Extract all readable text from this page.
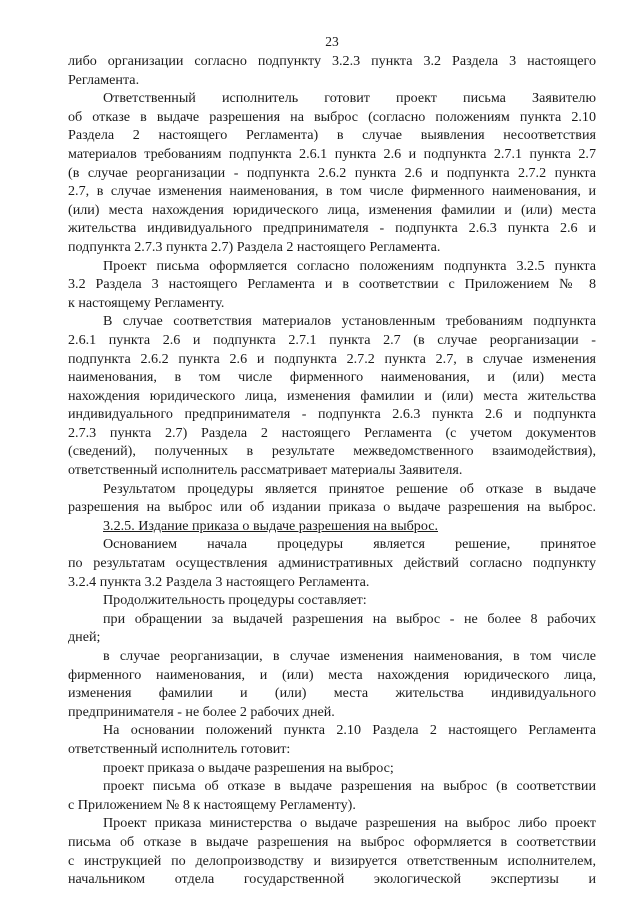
23
либо организации согласно подпункту 3.2.3 пункта 3.2 Раздела 3 настоящего
Регламента.
Ответственный исполнитель готовит проект письма Заявителю
об отказе в выдаче разрешения на выброс (согласно положениям пункта 2.10
Раздела 2 настоящего Регламента) в случае выявления несоответствия
материалов требованиям подпункта 2.6.1 пункта 2.6 и подпункта 2.7.1 пункта 2.7
(в случае реорганизации - подпункта 2.6.2 пункта 2.6 и подпункта 2.7.2 пункта
2.7, в случае изменения наименования, в том числе фирменного наименования, и
(или) места нахождения юридического лица, изменения фамилии и (или) места
жительства индивидуального предпринимателя - подпункта 2.6.3 пункта 2.6 и
подпункта 2.7.3 пункта 2.7) Раздела 2 настоящего Регламента.
Проект письма оформляется согласно положениям подпункта 3.2.5 пункта
3.2 Раздела 3 настоящего Регламента и в соответствии с Приложением № 8
к настоящему Регламенту.
В случае соответствия материалов установленным требованиям подпункта
2.6.1 пункта 2.6 и подпункта 2.7.1 пункта 2.7 (в случае реорганизации -
подпункта 2.6.2 пункта 2.6 и подпункта 2.7.2 пункта 2.7, в случае изменения
наименования, в том числе фирменного наименования, и (или) места
нахождения юридического лица, изменения фамилии и (или) места жительства
индивидуального предпринимателя - подпункта 2.6.3 пункта 2.6 и подпункта
2.7.3 пункта 2.7) Раздела 2 настоящего Регламента (с учетом документов
(сведений), полученных в результате межведомственного взаимодействия),
ответственный исполнитель рассматривает материалы Заявителя.
Результатом процедуры является принятое решение об отказе в выдаче
разрешения на выброс или об издании приказа о выдаче разрешения на выброс.
3.2.5. Издание приказа о выдаче разрешения на выброс.
Основанием начала процедуры является решение, принятое
по результатам осуществления административных действий согласно подпункту
3.2.4 пункта 3.2 Раздела 3 настоящего Регламента.
Продолжительность процедуры составляет:
при обращении за выдачей разрешения на выброс - не более 8 рабочих
дней;
в случае реорганизации, в случае изменения наименования, в том числе
фирменного наименования, и (или) места нахождения юридического лица,
изменения фамилии и (или) места жительства индивидуального
предпринимателя - не более 2 рабочих дней.
На основании положений пункта 2.10 Раздела 2 настоящего Регламента
ответственный исполнитель готовит:
проект приказа о выдаче разрешения на выброс;
проект письма об отказе в выдаче разрешения на выброс (в соответствии
с Приложением № 8 к настоящему Регламенту).
Проект приказа министерства о выдаче разрешения на выброс либо проект
письма об отказе в выдаче разрешения на выброс оформляется в соответствии
с инструкцией по делопроизводству и визируется ответственным исполнителем,
начальником отдела государственной экологической экспертизы и
